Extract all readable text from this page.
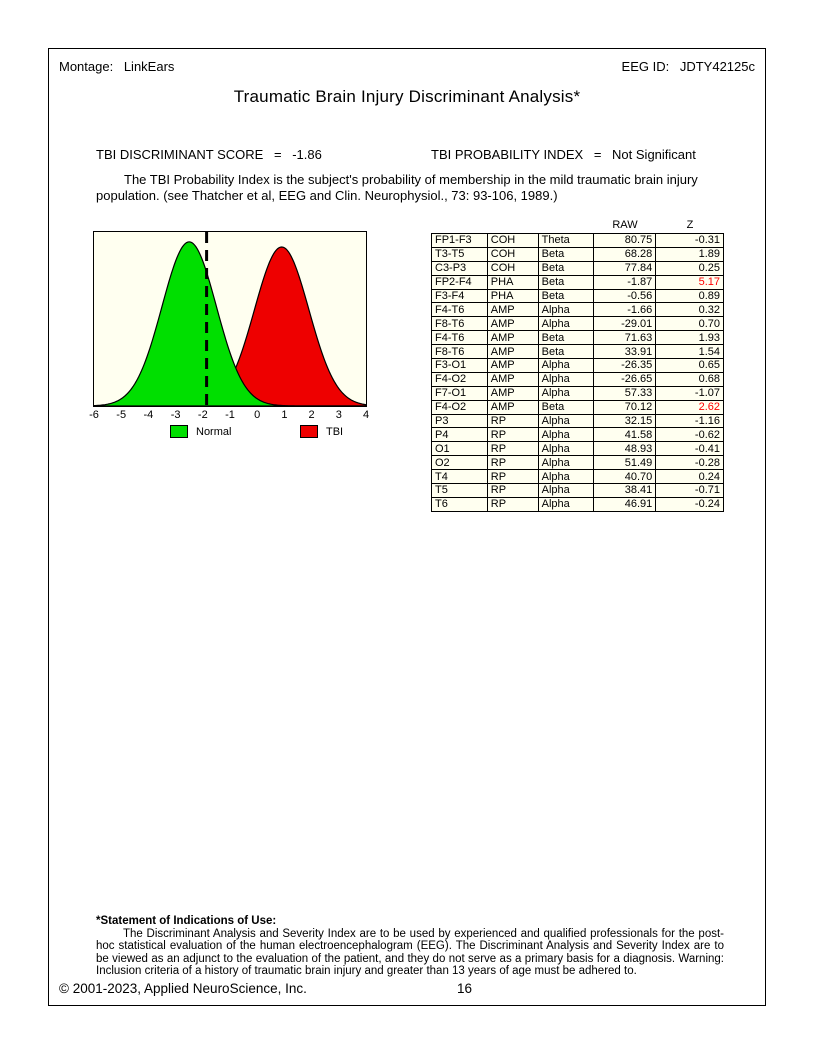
Montage: LinkEars	EEG ID: JDTY42125c
Traumatic Brain Injury Discriminant Analysis*
TBI DISCRIMINANT SCORE = -1.86	TBI PROBABILITY INDEX = Not Significant
The TBI Probability Index is the subject's probability of membership in the mild traumatic brain injury population. (see Thatcher et al, EEG and Clin. Neurophysiol., 73: 93-106, 1989.)
-6	-5	-4	-3	-2	-1	0	1	2	3	4
Normal	TBI
RAW	Z
FP1-F3	COH	Theta	80.75	-0.31
T3-T5	COH	Beta	68.28	1.89
C3-P3	COH	Beta	77.84	0.25
FP2-F4	PHA	Beta	-1.87	5.17
F3-F4	PHA	Beta	-0.56	0.89
F4-T6	AMP	Alpha	-1.66	0.32
F8-T6	AMP	Alpha	-29.01	0.70
F4-T6	AMP	Beta	71.63	1.93
F8-T6	AMP	Beta	33.91	1.54
F3-O1	AMP	Alpha	-26.35	0.65
F4-O2	AMP	Alpha	-26.65	0.68
F7-O1	AMP	Alpha	57.33	-1.07
F4-O2	AMP	Beta	70.12	2.62
P3	RP	Alpha	32.15	-1.16
P4	RP	Alpha	41.58	-0.62
O1	RP	Alpha	48.93	-0.41
O2	RP	Alpha	51.49	-0.28
T4	RP	Alpha	40.70	0.24
T5	RP	Alpha	38.41	-0.71
T6	RP	Alpha	46.91	-0.24
*Statement of Indications of Use:
The Discriminant Analysis and Severity Index are to be used by experienced and qualified professionals for the post-hoc statistical evaluation of the human electroencephalogram (EEG). The Discriminant Analysis and Severity Index are to be viewed as an adjunct to the evaluation of the patient, and they do not serve as a primary basis for a diagnosis. Warning: Inclusion criteria of a history of traumatic brain injury and greater than 13 years of age must be adhered to.
© 2001-2023, Applied NeuroScience, Inc.	16
